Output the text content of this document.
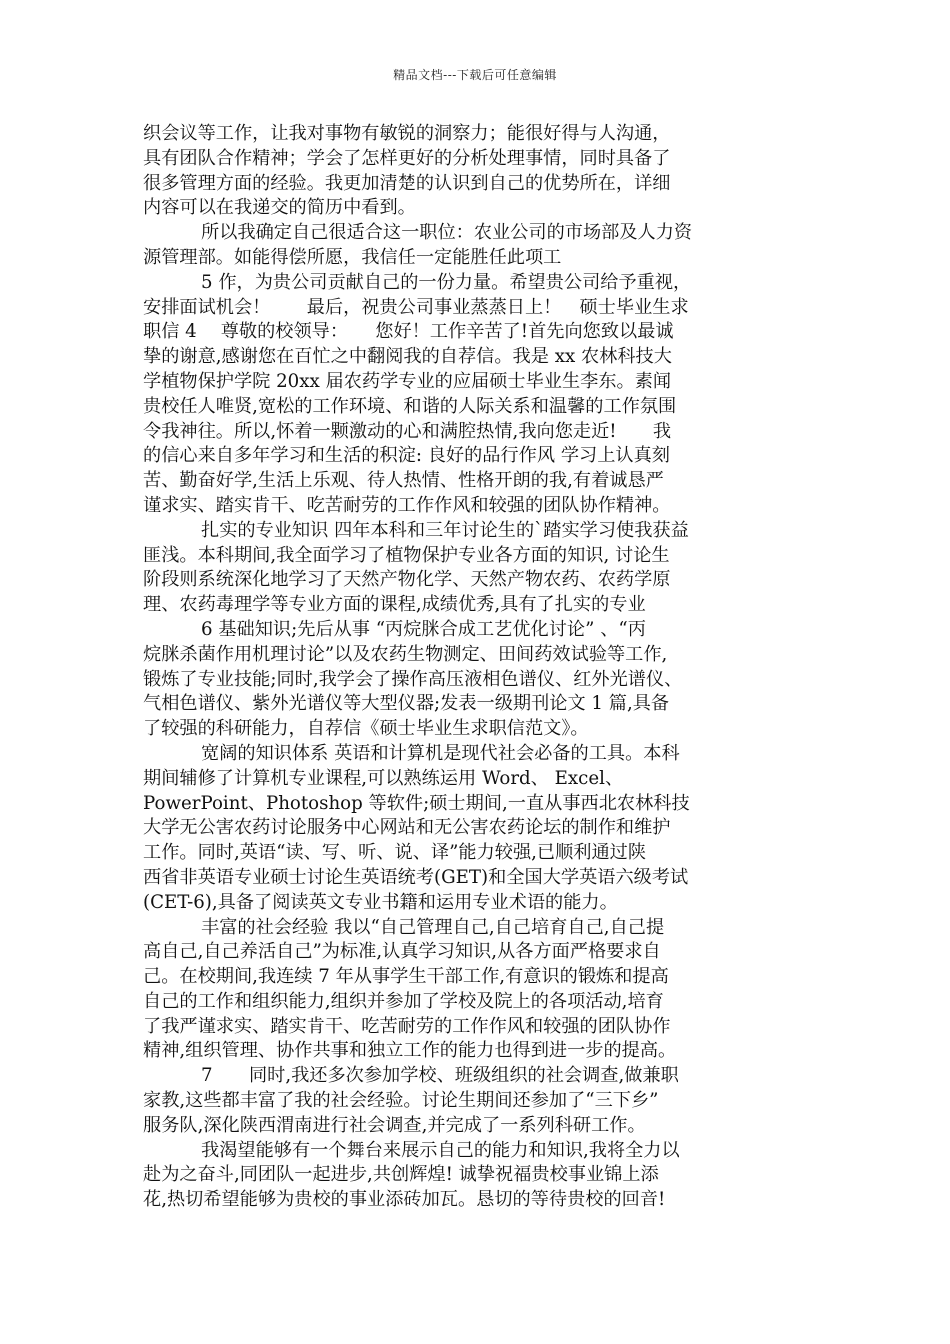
精品文档---下载后可任意编辑
织会议等工作，让我对事物有敏锐的洞察力；能很好得与人沟通，
具有团队合作精神；学会了怎样更好的分析处理事情，同时具备了
很多管理方面的经验。我更加清楚的认识到自己的优势所在，详细
内容可以在我递交的简历中看到。
所以我确定自己很适合这一职位：农业公司的市场部及人力资
源管理部。如能得偿所愿，我信任一定能胜任此项工
5 作，为贵公司贡献自己的一份力量。希望贵公司给予重视，
安排面试机会！　　最后，祝贵公司事业蒸蒸日上！　硕士毕业生求
职信 4　 尊敬的校领导：　　您好！工作辛苦了!首先向您致以最诚
挚的谢意,感谢您在百忙之中翻阅我的自荐信。我是 xx 农林科技大
学植物保护学院 20xx 届农药学专业的应届硕士毕业生李东。素闻
贵校任人唯贤,宽松的工作环境、和谐的人际关系和温馨的工作氛围
令我神往。所以,怀着一颗激动的心和满腔热情,我向您走近!　　我
的信心来自多年学习和生活的积淀: 良好的品行作风 学习上认真刻
苦、勤奋好学,生活上乐观、待人热情、性格开朗的我,有着诚恳严
谨求实、踏实肯干、吃苦耐劳的工作作风和较强的团队协作精神。
扎实的专业知识 四年本科和三年讨论生的`踏实学习使我获益
匪浅。本科期间,我全面学习了植物保护专业各方面的知识, 讨论生
阶段则系统深化地学习了天然产物化学、天然产物农药、农药学原
理、农药毒理学等专业方面的课程,成绩优秀,具有了扎实的专业
6 基础知识;先后从事 “丙烷脒合成工艺优化讨论” 、“丙
烷脒杀菌作用机理讨论”以及农药生物测定、田间药效试验等工作,
锻炼了专业技能;同时,我学会了操作高压液相色谱仪、红外光谱仪、
气相色谱仪、紫外光谱仪等大型仪器;发表一级期刊论文 1 篇,具备
了较强的科研能力，自荐信《硕士毕业生求职信范文》。
宽阔的知识体系 英语和计算机是现代社会必备的工具。本科
期间辅修了计算机专业课程,可以熟练运用 Word、 Excel、
PowerPoint、Photoshop 等软件;硕士期间,一直从事西北农林科技
大学无公害农药讨论服务中心网站和无公害农药论坛的制作和维护
工作。同时,英语“读、写、听、说、译”能力较强,已顺利通过陕
西省非英语专业硕士讨论生英语统考(GET)和全国大学英语六级考试
(CET-6),具备了阅读英文专业书籍和运用专业术语的能力。
丰富的社会经验 我以“自己管理自己,自己培育自己,自己提
高自己,自己养活自己”为标准,认真学习知识,从各方面严格要求自
己。在校期间,我连续 7 年从事学生干部工作,有意识的锻炼和提高
自己的工作和组织能力,组织并参加了学校及院上的各项活动,培育
了我严谨求实、踏实肯干、吃苦耐劳的工作作风和较强的团队协作
精神,组织管理、协作共事和独立工作的能力也得到进一步的提高。
7　　同时,我还多次参加学校、班级组织的社会调查,做兼职
家教,这些都丰富了我的社会经验。讨论生期间还参加了“三下乡”
服务队,深化陕西渭南进行社会调查,并完成了一系列科研工作。
我渴望能够有一个舞台来展示自己的能力和知识,我将全力以
赴为之奋斗,同团队一起进步,共创辉煌! 诚挚祝福贵校事业锦上添
花,热切希望能够为贵校的事业添砖加瓦。恳切的等待贵校的回音!
